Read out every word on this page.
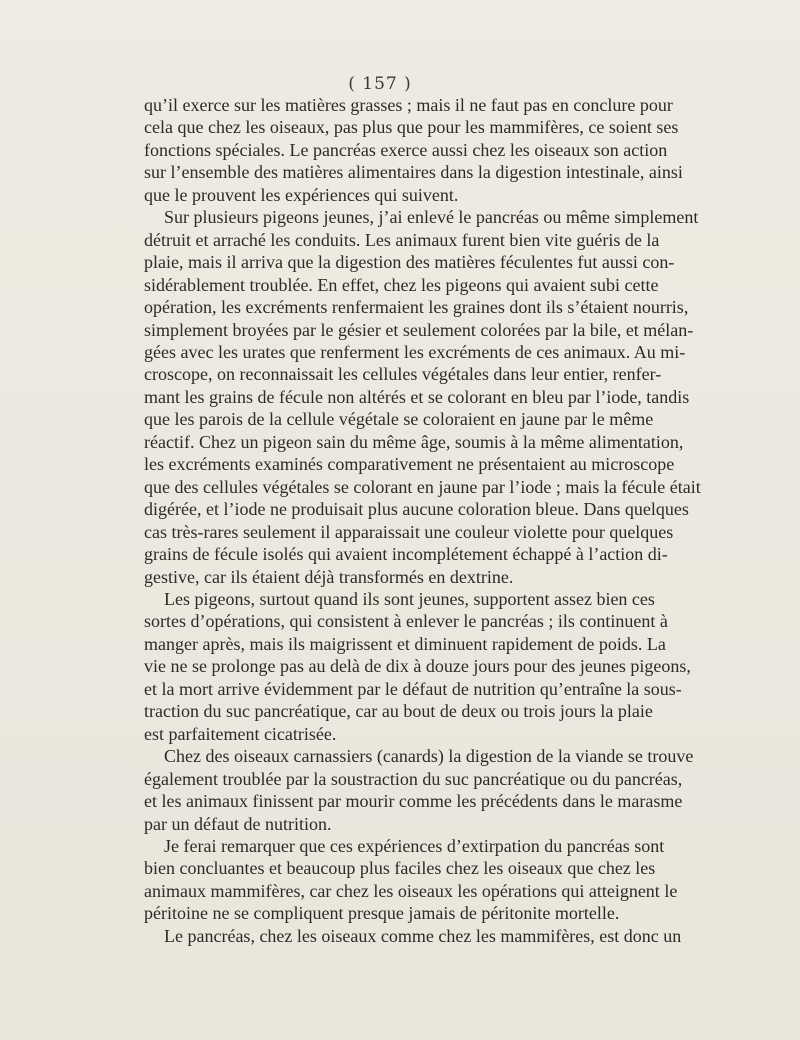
( 157 )
qu’il exerce sur les matières grasses ; mais il ne faut pas en conclure pour
cela que chez les oiseaux, pas plus que pour les mammifères, ce soient ses
fonctions spéciales. Le pancréas exerce aussi chez les oiseaux son action
sur l’ensemble des matières alimentaires dans la digestion intestinale, ainsi
que le prouvent les expériences qui suivent.
Sur plusieurs pigeons jeunes, j’ai enlevé le pancréas ou même simplement
détruit et arraché les conduits. Les animaux furent bien vite guéris de la
plaie, mais il arriva que la digestion des matières féculentes fut aussi con-
sidérablement troublée. En effet, chez les pigeons qui avaient subi cette
opération, les excréments renfermaient les graines dont ils s’étaient nourris,
simplement broyées par le gésier et seulement colorées par la bile, et mélan-
gées avec les urates que renferment les excréments de ces animaux. Au mi-
croscope, on reconnaissait les cellules végétales dans leur entier, renfer-
mant les grains de fécule non altérés et se colorant en bleu par l’iode, tandis
que les parois de la cellule végétale se coloraient en jaune par le même
réactif. Chez un pigeon sain du même âge, soumis à la même alimentation,
les excréments examinés comparativement ne présentaient au microscope
que des cellules végétales se colorant en jaune par l’iode ; mais la fécule était
digérée, et l’iode ne produisait plus aucune coloration bleue. Dans quelques
cas très-rares seulement il apparaissait une couleur violette pour quelques
grains de fécule isolés qui avaient incomplétement échappé à l’action di-
gestive, car ils étaient déjà transformés en dextrine.
Les pigeons, surtout quand ils sont jeunes, supportent assez bien ces
sortes d’opérations, qui consistent à enlever le pancréas ; ils continuent à
manger après, mais ils maigrissent et diminuent rapidement de poids. La
vie ne se prolonge pas au delà de dix à douze jours pour des jeunes pigeons,
et la mort arrive évidemment par le défaut de nutrition qu’entraîne la sous-
traction du suc pancréatique, car au bout de deux ou trois jours la plaie
est parfaitement cicatrisée.
Chez des oiseaux carnassiers (canards) la digestion de la viande se trouve
également troublée par la soustraction du suc pancréatique ou du pancréas,
et les animaux finissent par mourir comme les précédents dans le marasme
par un défaut de nutrition.
Je ferai remarquer que ces expériences d’extirpation du pancréas sont
bien concluantes et beaucoup plus faciles chez les oiseaux que chez les
animaux mammifères, car chez les oiseaux les opérations qui atteignent le
péritoine ne se compliquent presque jamais de péritonite mortelle.
Le pancréas, chez les oiseaux comme chez les mammifères, est donc un
